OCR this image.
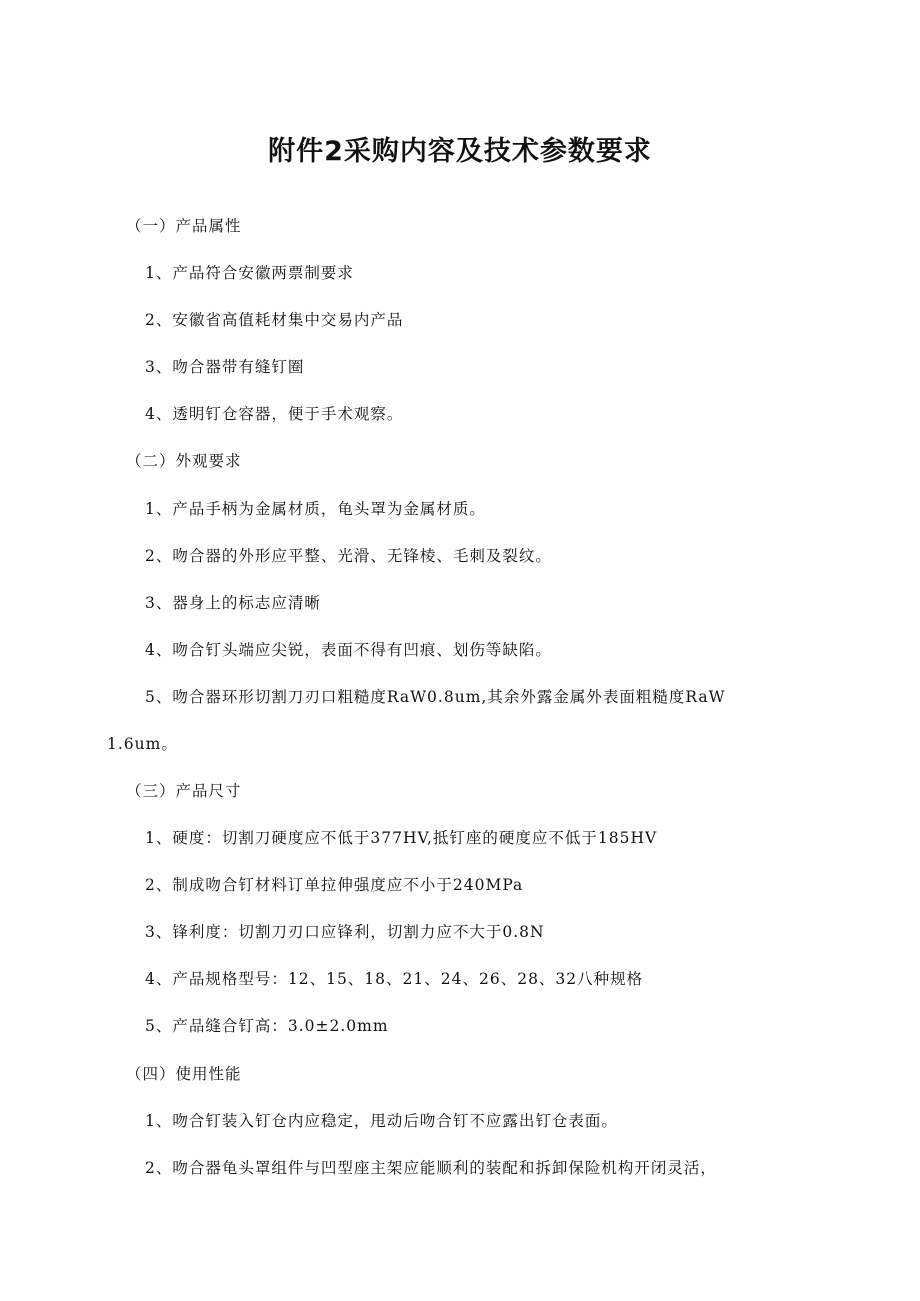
附件2采购内容及技术参数要求
（一）产品属性
1、产品符合安徽两票制要求
2、安徽省高值耗材集中交易内产品
3、吻合器带有缝钉圈
4、透明钉仓容器，便于手术观察。
（二）外观要求
1、产品手柄为金属材质，龟头罩为金属材质。
2、吻合器的外形应平整、光滑、无锋棱、毛刺及裂纹。
3、器身上的标志应清晰
4、吻合钉头端应尖锐，表面不得有凹痕、划伤等缺陷。
5、吻合器环形切割刀刃口粗糙度RaW0.8um,其余外露金属外表面粗糙度RaW
1.6um。
（三）产品尺寸
1、硬度：切割刀硬度应不低于377HV,抵钉座的硬度应不低于185HV
2、制成吻合钉材料订单拉伸强度应不小于240MPa
3、锋利度：切割刀刃口应锋利，切割力应不大于0.8N
4、产品规格型号：12、15、18、21、24、26、28、32八种规格
5、产品缝合钉高：3.0±2.0mm
（四）使用性能
1、吻合钉装入钉仓内应稳定，甩动后吻合钉不应露出钉仓表面。
2、吻合器龟头罩组件与凹型座主架应能顺利的装配和拆卸保险机构开闭灵活，
